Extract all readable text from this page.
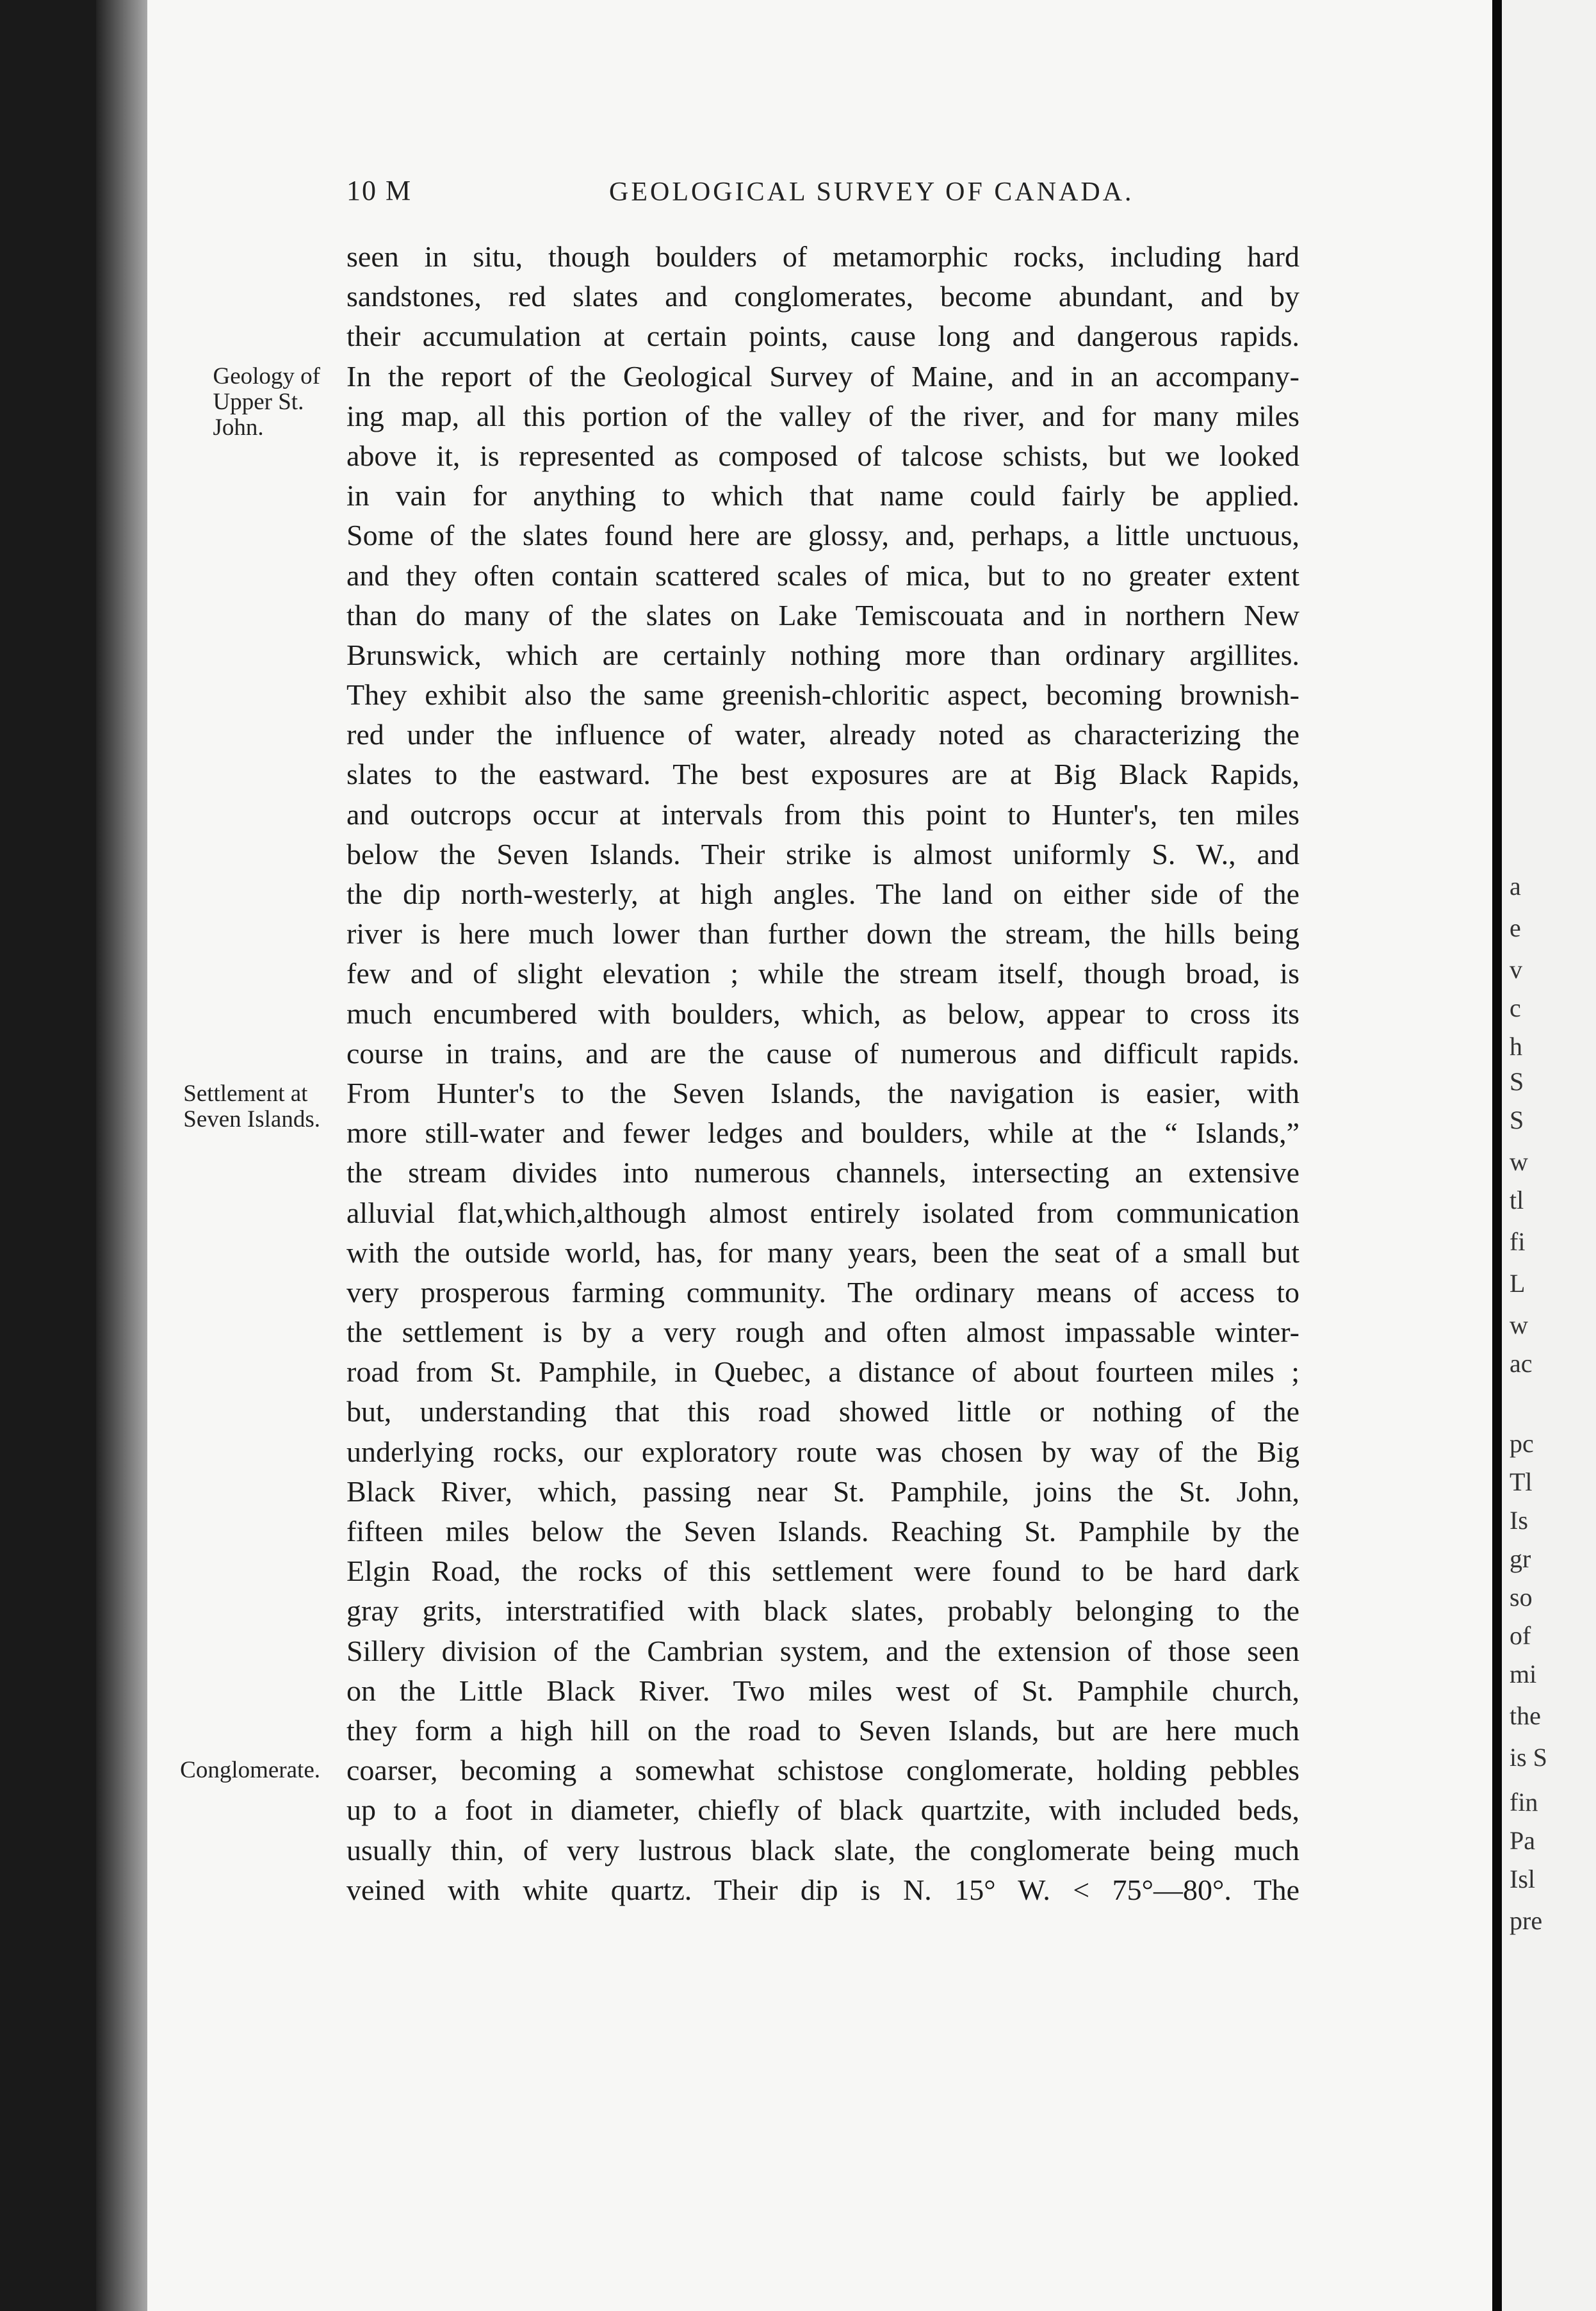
a
e
v
c
h
S
S
w
tl
fi
L
w
ac
pc
Tl
Is
gr
so
of
mi
the
is S
fin
Pa
Isl
pre
10 M	GEOLOGICAL SURVEY OF CANADA.
Geology of
Upper St.
John.
Settlement at
Seven Islands.
Conglomerate.
seen in situ, though boulders of metamorphic rocks, including hard
sandstones, red slates and conglomerates, become abundant, and by
their accumulation at certain points, cause long and dangerous rapids.
In the report of the Geological Survey of Maine, and in an accompany-
ing map, all this portion of the valley of the river, and for many miles
above it, is represented as composed of talcose schists, but we looked
in vain for anything to which that name could fairly be applied.
Some of the slates found here are glossy, and, perhaps, a little unctuous,
and they often contain scattered scales of mica, but to no greater extent
than do many of the slates on Lake Temiscouata and in northern New
Brunswick, which are certainly nothing more than ordinary argillites.
They exhibit also the same greenish-chloritic aspect, becoming brownish-
red under the influence of water, already noted as characterizing the
slates to the eastward. The best exposures are at Big Black Rapids,
and outcrops occur at intervals from this point to Hunter's, ten miles
below the Seven Islands. Their strike is almost uniformly S. W., and
the dip north-westerly, at high angles. The land on either side of the
river is here much lower than further down the stream, the hills being
few and of slight elevation ; while the stream itself, though broad, is
much encumbered with boulders, which, as below, appear to cross its
course in trains, and are the cause of numerous and difficult rapids.
From Hunter's to the Seven Islands, the navigation is easier, with
more still-water and fewer ledges and boulders, while at the “ Islands,”
the stream divides into numerous channels, intersecting an extensive
alluvial flat,which,although almost entirely isolated from communication
with the outside world, has, for many years, been the seat of a small but
very prosperous farming community. The ordinary means of access to
the settlement is by a very rough and often almost impassable winter-
road from St. Pamphile, in Quebec, a distance of about fourteen miles ;
but, understanding that this road showed little or nothing of the
underlying rocks, our exploratory route was chosen by way of the Big
Black River, which, passing near St. Pamphile, joins the St. John,
fifteen miles below the Seven Islands. Reaching St. Pamphile by the
Elgin Road, the rocks of this settlement were found to be hard dark
gray grits, interstratified with black slates, probably belonging to the
Sillery division of the Cambrian system, and the extension of those seen
on the Little Black River. Two miles west of St. Pamphile church,
they form a high hill on the road to Seven Islands, but are here much
coarser, becoming a somewhat schistose conglomerate, holding pebbles
up to a foot in diameter, chiefly of black quartzite, with included beds,
usually thin, of very lustrous black slate, the conglomerate being much
veined with white quartz. Their dip is N. 15° W. < 75°—80°. The
